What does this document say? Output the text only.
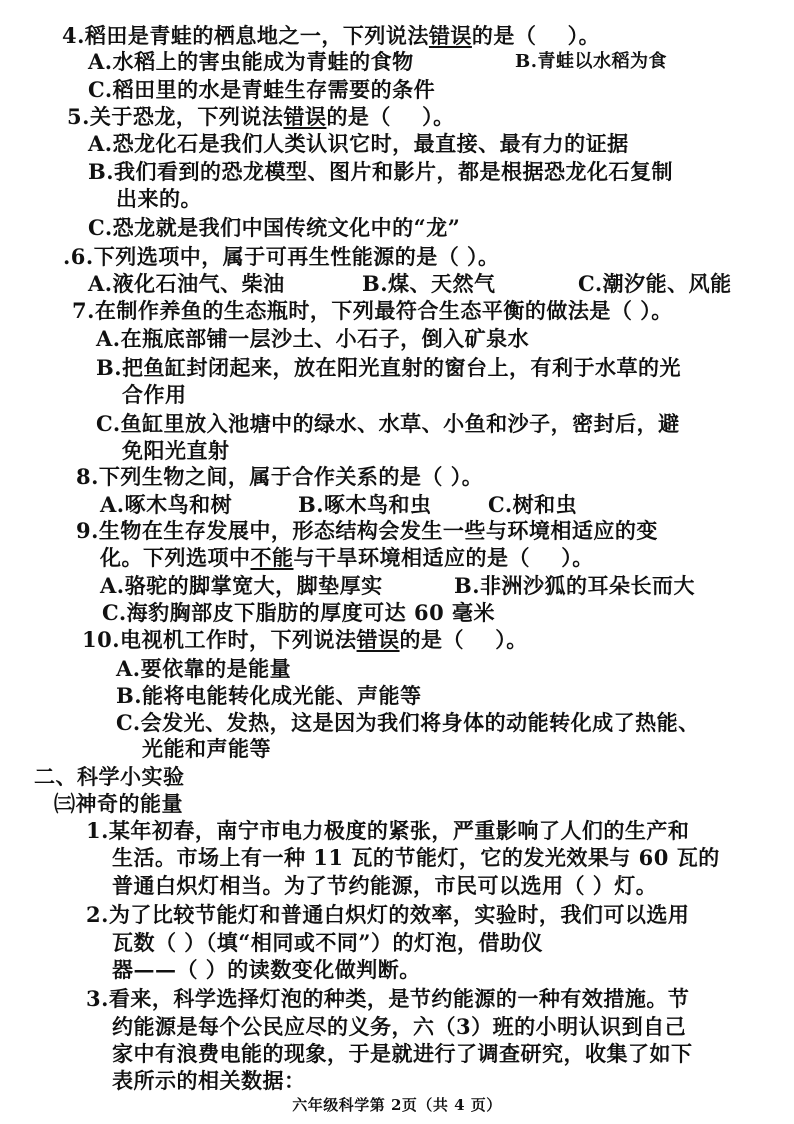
4.稻田是青蛙的栖息地之一，下列说法错误的是（    ）。
A.水稻上的害虫能成为青蛙的食物	B.青蛙以水稻为食
C.稻田里的水是青蛙生存需要的条件
5.关于恐龙，下列说法错误的是（    ）。
A.恐龙化石是我们人类认识它时，最直接、最有力的证据
B.我们看到的恐龙模型、图片和影片，都是根据恐龙化石复制
出来的。
C.恐龙就是我们中国传统文化中的“龙”
.6.下列选项中，属于可再生性能源的是（ ）。
A.液化石油气、柴油	B.煤、天然气	C.潮汐能、风能
7.在制作养鱼的生态瓶时，下列最符合生态平衡的做法是（ ）。
A.在瓶底部铺一层沙土、小石子，倒入矿泉水
B.把鱼缸封闭起来，放在阳光直射的窗台上，有利于水草的光
合作用
C.鱼缸里放入池塘中的绿水、水草、小鱼和沙子，密封后，避
免阳光直射
8.下列生物之间，属于合作关系的是（ ）。
A.啄木鸟和树	B.啄木鸟和虫	C.树和虫
9.生物在生存发展中，形态结构会发生一些与环境相适应的变
化。下列选项中不能与干旱环境相适应的是（    ）。
A.骆驼的脚掌宽大，脚垫厚实	B.非洲沙狐的耳朵长而大
C.海豹胸部皮下脂肪的厚度可达 60 毫米
10.电视机工作时，下列说法错误的是（    ）。
A.要依靠的是能量
B.能将电能转化成光能、声能等
C.会发光、发热，这是因为我们将身体的动能转化成了热能、
光能和声能等
二、科学小实验
㈢神奇的能量
1.某年初春，南宁市电力极度的紧张，严重影响了人们的生产和
生活。市场上有一种 11 瓦的节能灯，它的发光效果与 60 瓦的
普通白炽灯相当。为了节约能源，市民可以选用（ ）灯。
2.为了比较节能灯和普通白炽灯的效率，实验时，我们可以选用
瓦数（ ）（填“相同或不同”）的灯泡，借助仪
器——（ ）的读数变化做判断。
3.看来，科学选择灯泡的种类，是节约能源的一种有效措施。节
约能源是每个公民应尽的义务，六（3）班的小明认识到自己
家中有浪费电能的现象，于是就进行了调查研究，收集了如下
表所示的相关数据：
六年级科学第 2页（共 4 页）
